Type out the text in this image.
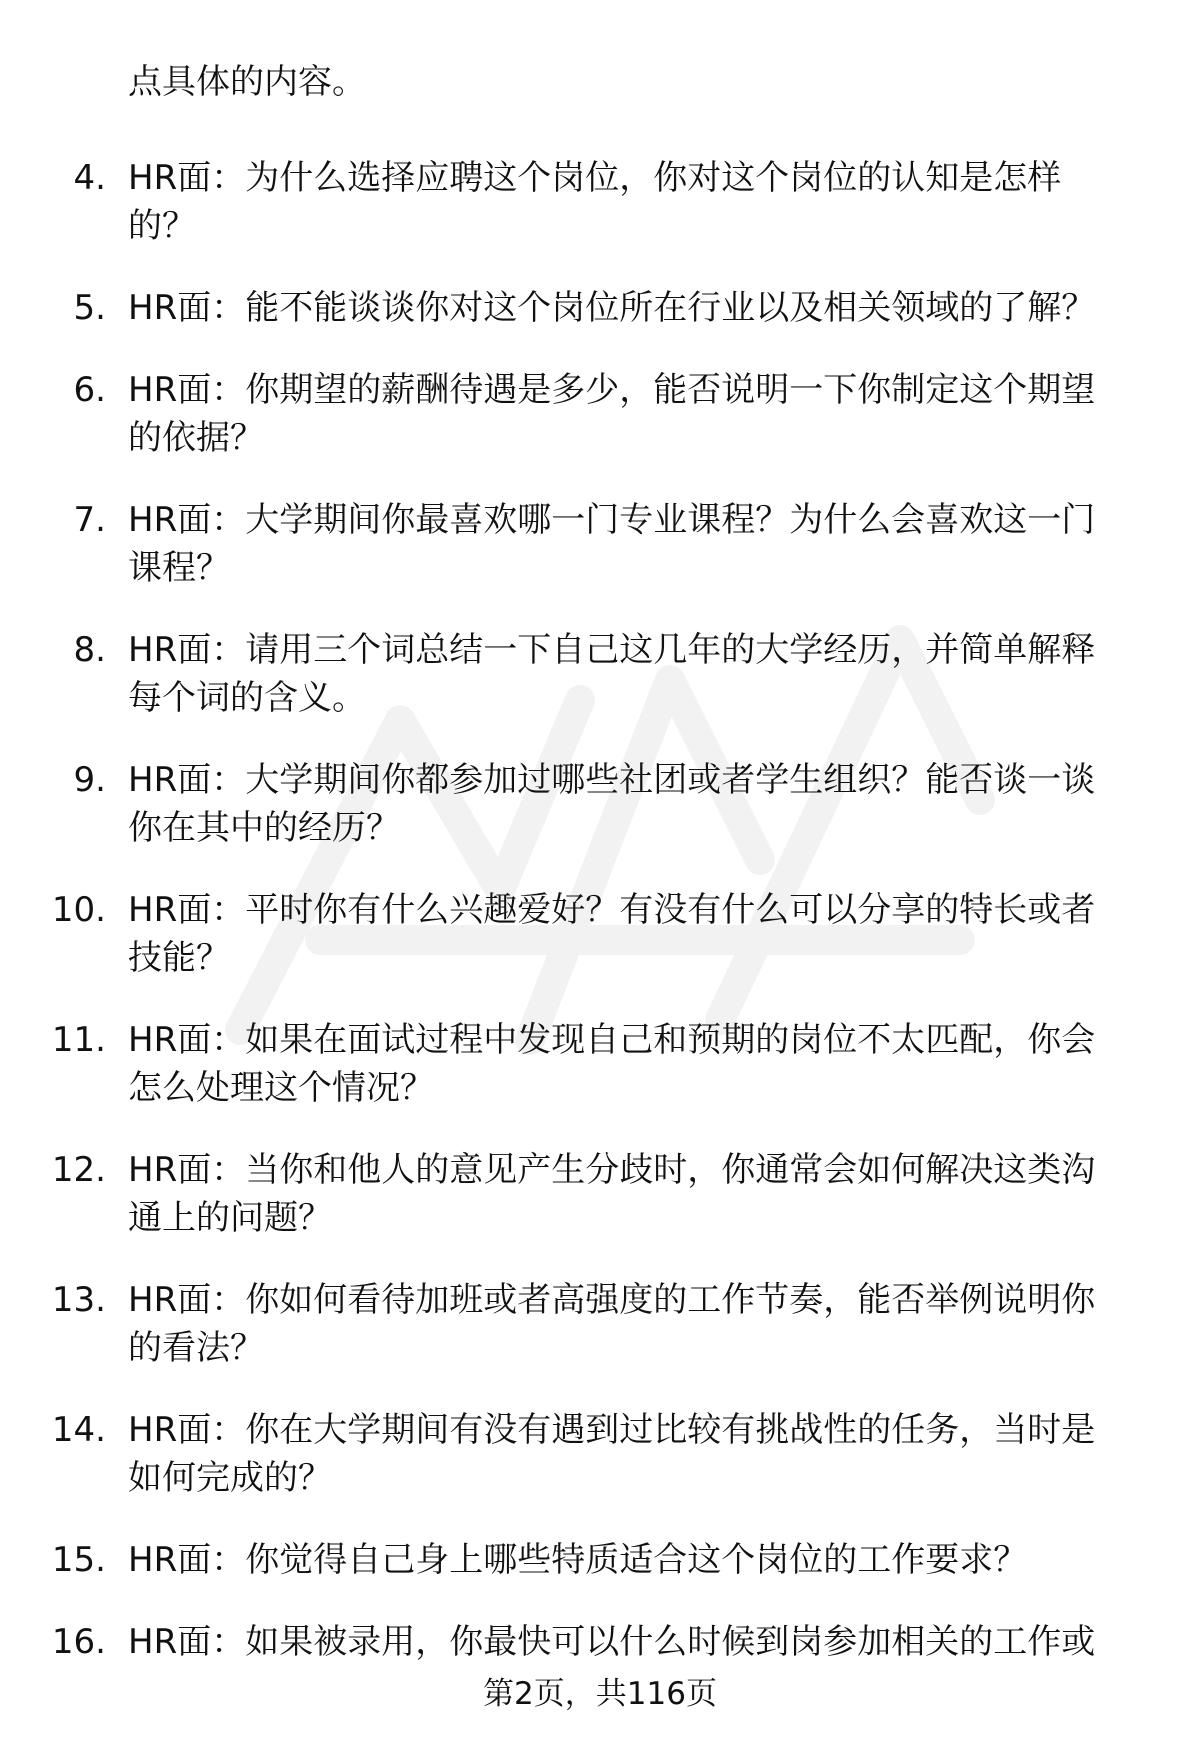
点具体的内容。
4. HR面：为什么选择应聘这个岗位，你对这个岗位的认知是怎样
的？
5. HR面：能不能谈谈你对这个岗位所在行业以及相关领域的了解？
6. HR面：你期望的薪酬待遇是多少，能否说明一下你制定这个期望
的依据？
7. HR面：大学期间你最喜欢哪一门专业课程？为什么会喜欢这一门
课程？
8. HR面：请用三个词总结一下自己这几年的大学经历，并简单解释
每个词的含义。
9. HR面：大学期间你都参加过哪些社团或者学生组织？能否谈一谈
你在其中的经历？
10. HR面：平时你有什么兴趣爱好？有没有什么可以分享的特长或者
技能？
11. HR面：如果在面试过程中发现自己和预期的岗位不太匹配，你会
怎么处理这个情况？
12. HR面：当你和他人的意见产生分歧时，你通常会如何解决这类沟
通上的问题？
13. HR面：你如何看待加班或者高强度的工作节奏，能否举例说明你
的看法？
14. HR面：你在大学期间有没有遇到过比较有挑战性的任务，当时是
如何完成的？
15. HR面：你觉得自己身上哪些特质适合这个岗位的工作要求？
16. HR面：如果被录用，你最快可以什么时候到岗参加相关的工作或
第2页，共116页
